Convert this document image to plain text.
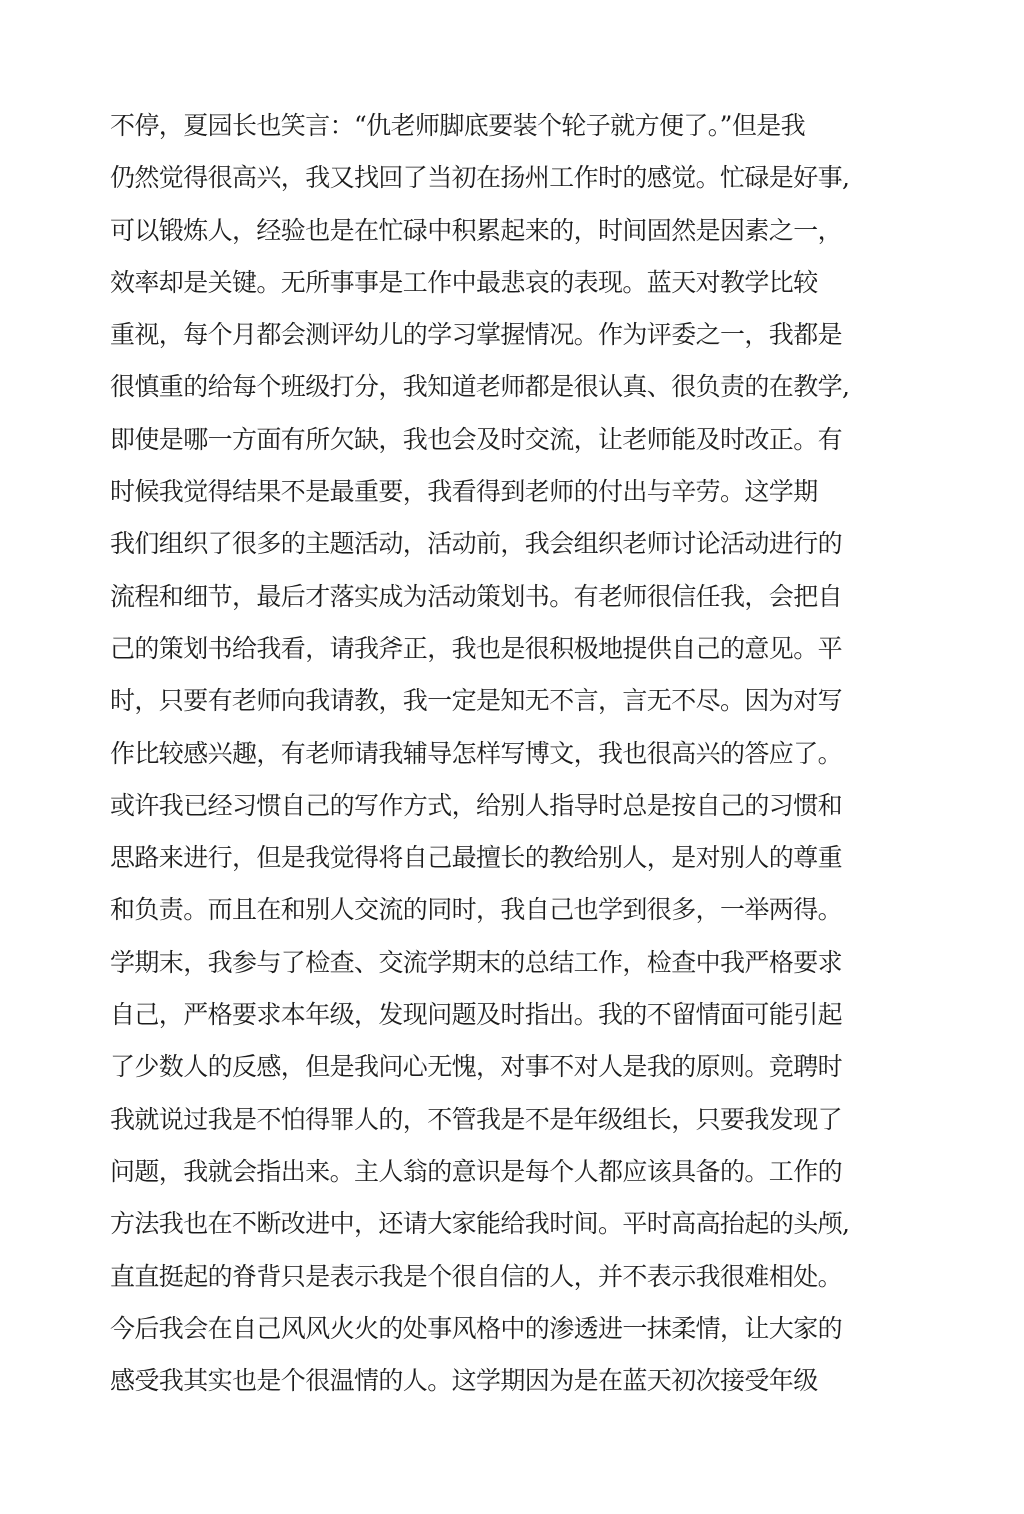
不停，夏园长也笑言：“仇老师脚底要装个轮子就方便了。”但是我
仍然觉得很高兴，我又找回了当初在扬州工作时的感觉。忙碌是好事,
可以锻炼人，经验也是在忙碌中积累起来的，时间固然是因素之一，
效率却是关键。无所事事是工作中最悲哀的表现。蓝天对教学比较
重视，每个月都会测评幼儿的学习掌握情况。作为评委之一，我都是
很慎重的给每个班级打分，我知道老师都是很认真、很负责的在教学,
即使是哪一方面有所欠缺，我也会及时交流，让老师能及时改正。有
时候我觉得结果不是最重要，我看得到老师的付出与辛劳。这学期
我们组织了很多的主题活动，活动前，我会组织老师讨论活动进行的
流程和细节，最后才落实成为活动策划书。有老师很信任我，会把自
己的策划书给我看，请我斧正，我也是很积极地提供自己的意见。平
时，只要有老师向我请教，我一定是知无不言，言无不尽。因为对写
作比较感兴趣，有老师请我辅导怎样写博文，我也很高兴的答应了。
或许我已经习惯自己的写作方式，给别人指导时总是按自己的习惯和
思路来进行，但是我觉得将自己最擅长的教给别人，是对别人的尊重
和负责。而且在和别人交流的同时，我自己也学到很多，一举两得。
学期末，我参与了检查、交流学期末的总结工作，检查中我严格要求
自己，严格要求本年级，发现问题及时指出。我的不留情面可能引起
了少数人的反感，但是我问心无愧，对事不对人是我的原则。竞聘时
我就说过我是不怕得罪人的，不管我是不是年级组长，只要我发现了
问题，我就会指出来。主人翁的意识是每个人都应该具备的。工作的
方法我也在不断改进中，还请大家能给我时间。平时高高抬起的头颅,
直直挺起的脊背只是表示我是个很自信的人，并不表示我很难相处。
今后我会在自己风风火火的处事风格中的渗透进一抹柔情，让大家的
感受我其实也是个很温情的人。这学期因为是在蓝天初次接受年级
